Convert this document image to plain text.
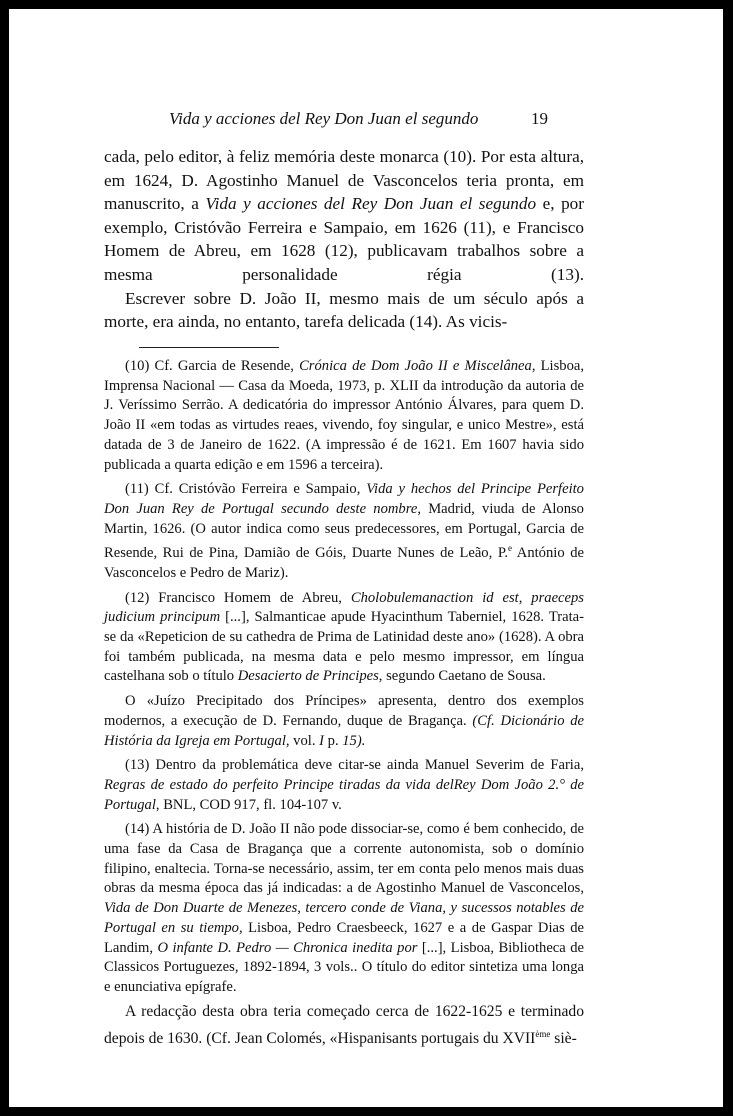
Vida y acciones del Rey Don Juan el segundo	19

cada, pelo editor, à feliz memória deste monarca (10). Por esta altura, em 1624, D. Agostinho Manuel de Vasconcelos teria pronta, em manuscrito, a Vida y acciones del Rey Don Juan el segundo e, por exemplo, Cristóvão Ferreira e Sampaio, em 1626 (11), e Francisco Homem de Abreu, em 1628 (12), publicavam trabalhos sobre a mesma personalidade régia (13).

Escrever sobre D. João II, mesmo mais de um século após a morte, era ainda, no entanto, tarefa delicada (14). As vicis-

(10) Cf. Garcia de Resende, Crónica de Dom João II e Miscelânea, Lisboa, Imprensa Nacional — Casa da Moeda, 1973, p. XLII da introdução da autoria de J. Veríssimo Serrão. A dedicatória do impressor António Álvares, para quem D. João II «em todas as virtudes reaes, vivendo, foy singular, e unico Mestre», está datada de 3 de Janeiro de 1622. (A impressão é de 1621. Em 1607 havia sido publicada a quarta edição e em 1596 a terceira).

(11) Cf. Cristóvão Ferreira e Sampaio, Vida y hechos del Principe Perfeito Don Juan Rey de Portugal secundo deste nombre, Madrid, viuda de Alonso Martin, 1626. (O autor indica como seus predecessores, em Portugal, Garcia de Resende, Rui de Pina, Damião de Góis, Duarte Nunes de Leão, P.$^e$ António de Vasconcelos e Pedro de Mariz).

(12) Francisco Homem de Abreu, Cholobulemanaction id est, praeceps judicium principum [...], Salmanticae apude Hyacinthum Taberniel, 1628. Trata-se da «Repeticion de su cathedra de Prima de Latinidad deste ano» (1628). A obra foi também publicada, na mesma data e pelo mesmo impressor, em língua castelhana sob o título Desacierto de Principes, segundo Caetano de Sousa.

O «Juízo Precipitado dos Príncipes» apresenta, dentro dos exemplos modernos, a execução de D. Fernando, duque de Bragança. (Cf. Dicionário de História da Igreja em Portugal, vol. I p. 15).

(13) Dentro da problemática deve citar-se ainda Manuel Severim de Faria, Regras de estado do perfeito Principe tiradas da vida delRey Dom João 2.° de Portugal, BNL, COD 917, fl. 104-107 v.

(14) A história de D. João II não pode dissociar-se, como é bem conhecido, de uma fase da Casa de Bragança que a corrente autonomista, sob o domínio filipino, enaltecia. Torna-se necessário, assim, ter em conta pelo menos mais duas obras da mesma época das já indicadas: a de Agostinho Manuel de Vasconcelos, Vida de Don Duarte de Menezes, tercero conde de Viana, y sucessos notables de Portugal en su tiempo, Lisboa, Pedro Craesbeeck, 1627 e a de Gaspar Dias de Landim, O infante D. Pedro — Chronica inedita por [...], Lisboa, Bibliotheca de Classicos Portuguezes, 1892-1894, 3 vols.. O título do editor sintetiza uma longa e enunciativa epígrafe.

A redacção desta obra teria começado cerca de 1622-1625 e terminado depois de 1630. (Cf. Jean Colomés, «Hispanisants portugais du XVIIème siè-
